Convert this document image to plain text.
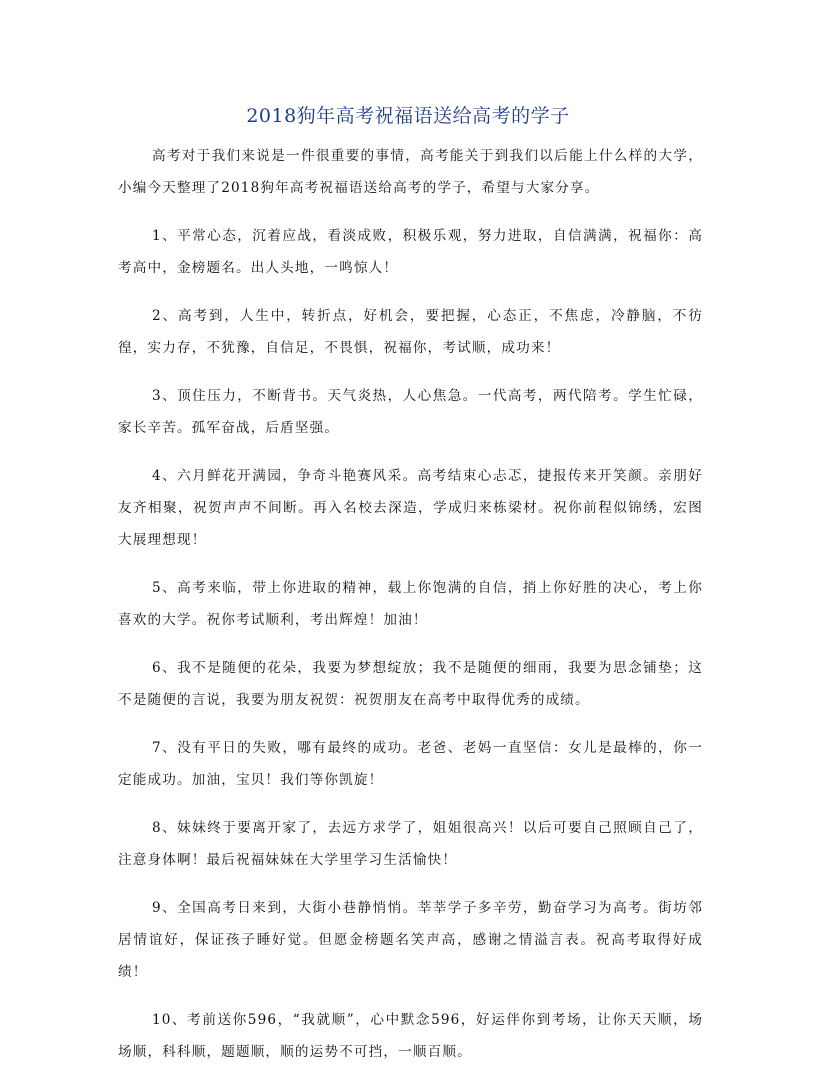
2018狗年高考祝福语送给高考的学子

高考对于我们来说是一件很重要的事情，高考能关于到我们以后能上什么样的大学，小编今天整理了2018狗年高考祝福语送给高考的学子，希望与大家分享。

1、平常心态，沉着应战，看淡成败，积极乐观，努力进取，自信满满，祝福你：高考高中，金榜题名。出人头地，一鸣惊人！

2、高考到，人生中，转折点，好机会，要把握，心态正，不焦虑，冷静脑，不彷徨，实力存，不犹豫，自信足，不畏惧，祝福你，考试顺，成功来！

3、顶住压力，不断背书。天气炎热，人心焦急。一代高考，两代陪考。学生忙碌，家长辛苦。孤军奋战，后盾坚强。

4、六月鲜花开满园，争奇斗艳赛风采。高考结束心忐忑，捷报传来开笑颜。亲朋好友齐相聚，祝贺声声不间断。再入名校去深造，学成归来栋梁材。祝你前程似锦绣，宏图大展理想现！

5、高考来临，带上你进取的精神，载上你饱满的自信，捎上你好胜的决心，考上你喜欢的大学。祝你考试顺利，考出辉煌！加油！

6、我不是随便的花朵，我要为梦想绽放；我不是随便的细雨，我要为思念铺垫；这不是随便的言说，我要为朋友祝贺：祝贺朋友在高考中取得优秀的成绩。

7、没有平日的失败，哪有最终的成功。老爸、老妈一直坚信：女儿是最棒的，你一定能成功。加油，宝贝！我们等你凯旋！

8、妹妹终于要离开家了，去远方求学了，姐姐很高兴！以后可要自己照顾自己了，注意身体啊！最后祝福妹妹在大学里学习生活愉快！

9、全国高考日来到，大街小巷静悄悄。莘莘学子多辛劳，勤奋学习为高考。街坊邻居情谊好，保证孩子睡好觉。但愿金榜题名笑声高，感谢之情溢言表。祝高考取得好成绩！

10、考前送你596，“我就顺”，心中默念596，好运伴你到考场，让你天天顺，场场顺，科科顺，题题顺，顺的运势不可挡，一顺百顺。
